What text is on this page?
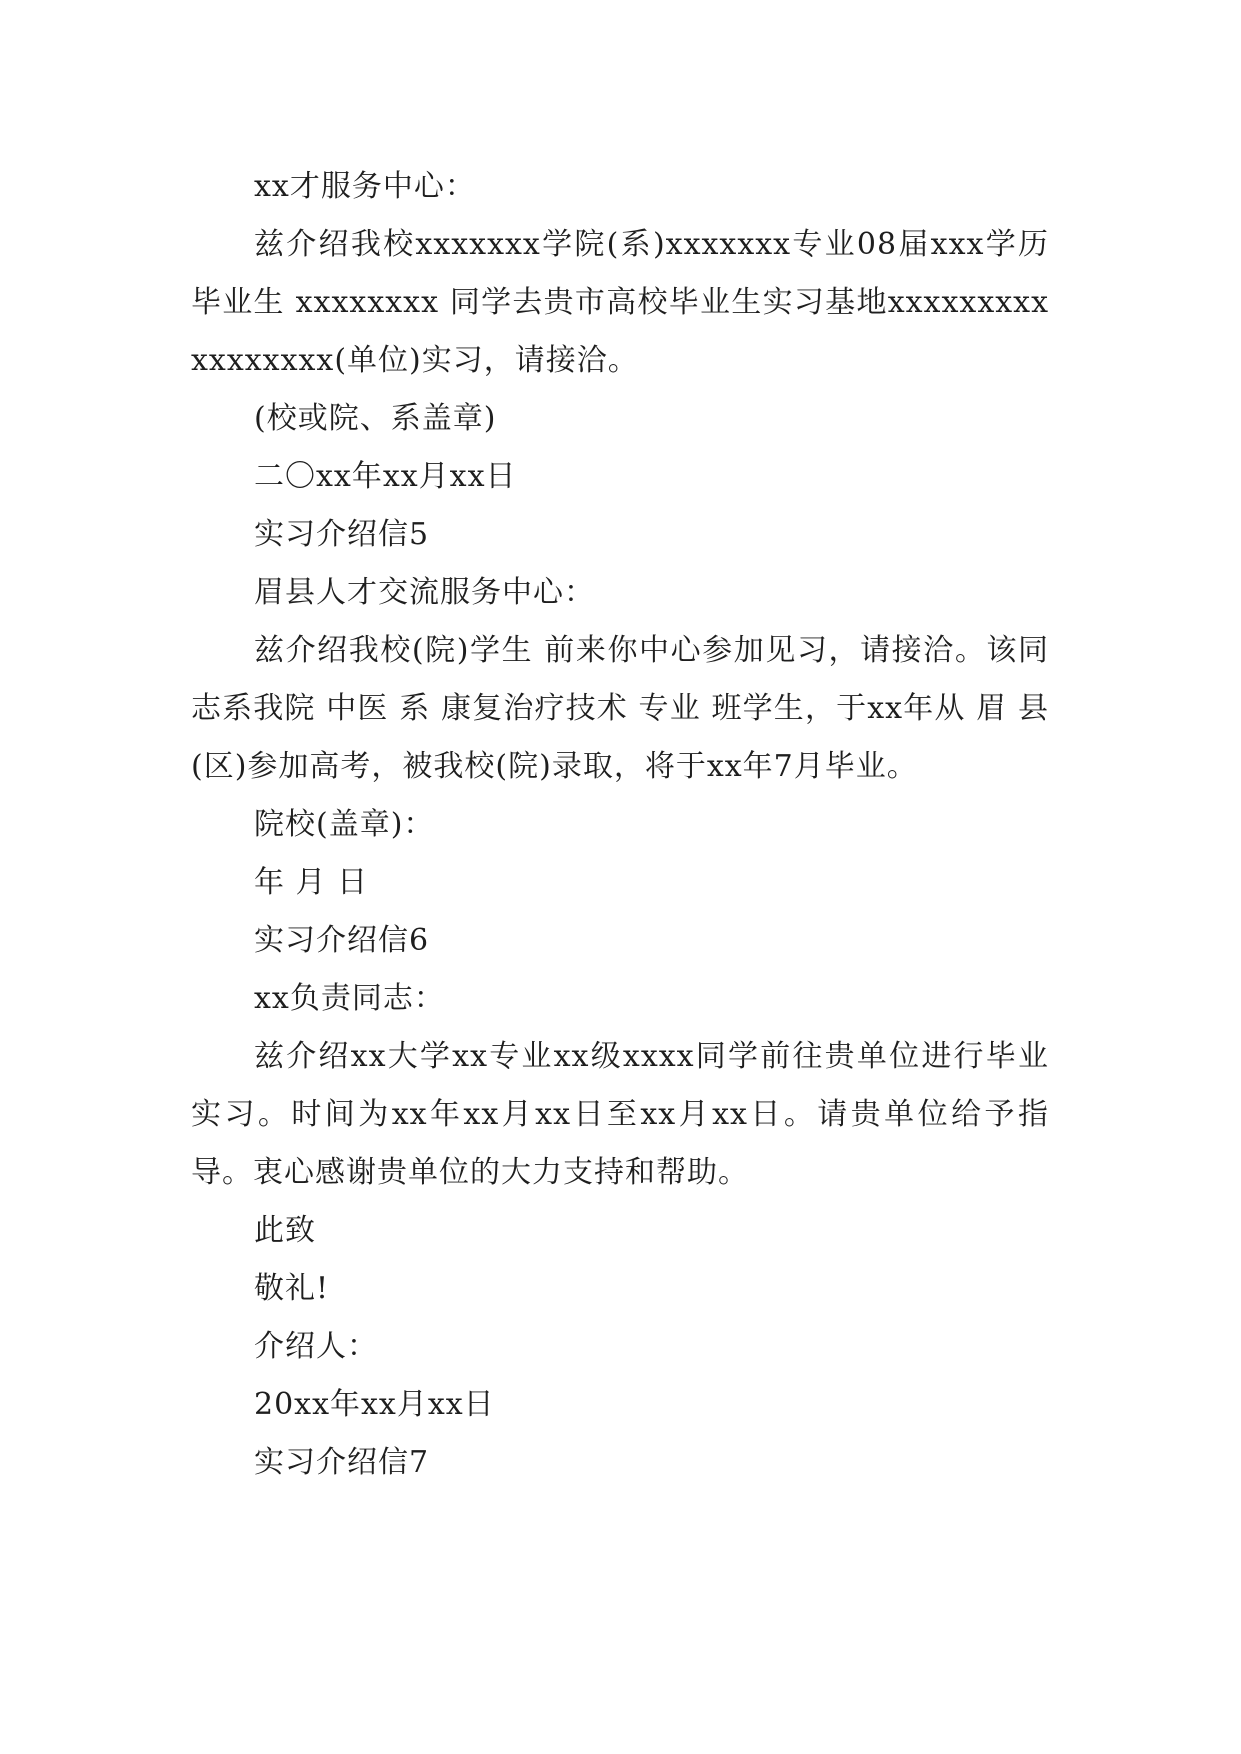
xx才服务中心：

兹介绍我校xxxxxxx学院(系)xxxxxxx专业08届xxx学历毕业生 xxxxxxxx 同学去贵市高校毕业生实习基地xxxxxxxxxxxxxxxxx(单位)实习，请接洽。

(校或院、系盖章)

二〇xx年xx月xx日

实习介绍信5

眉县人才交流服务中心：

兹介绍我校(院)学生 前来你中心参加见习，请接洽。该同志系我院 中医 系 康复治疗技术 专业 班学生，于xx年从 眉 县(区)参加高考，被我校(院)录取，将于xx年7月毕业。

院校(盖章)：

年 月 日

实习介绍信6

xx负责同志：

兹介绍xx大学xx专业xx级xxxx同学前往贵单位进行毕业实习。时间为xx年xx月xx日至xx月xx日。请贵单位给予指导。衷心感谢贵单位的大力支持和帮助。

此致

敬礼!

介绍人：

20xx年xx月xx日

实习介绍信7
